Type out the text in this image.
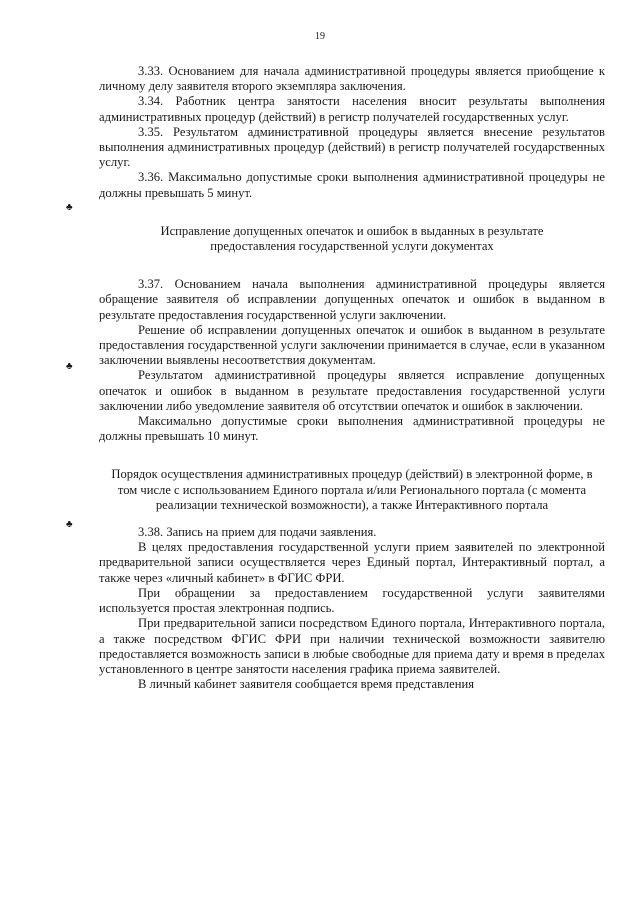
19
♣
♣
♣

3.33. Основанием для начала административной процедуры является приобщение к личному делу заявителя второго экземпляра заключения.

3.34. Работник центра занятости населения вносит результаты выполнения административных процедур (действий) в регистр получателей государственных услуг.

3.35. Результатом административной процедуры является внесение результатов выполнения административных процедур (действий) в регистр получателей государственных услуг.

3.36. Максимально допустимые сроки выполнения административной процедуры не должны превышать 5 минут.

Исправление допущенных опечаток и ошибок в выданных в результате предоставления государственной услуги документах

3.37. Основанием начала выполнения административной процедуры является обращение заявителя об исправлении допущенных опечаток и ошибок в выданном в результате предоставления государственной услуги заключении.

Решение об исправлении допущенных опечаток и ошибок в выданном в результате предоставления государственной услуги заключении принимается в случае, если в указанном заключении выявлены несоответствия документам.

Результатом административной процедуры является исправление допущенных опечаток и ошибок в выданном в результате предоставления государственной услуги заключении либо уведомление заявителя об отсутствии опечаток и ошибок в заключении.

Максимально допустимые сроки выполнения административной процедуры не должны превышать 10 минут.

Порядок осуществления административных процедур (действий) в электронной форме, в том числе с использованием Единого портала и/или Регионального портала (с момента реализации технической возможности), а также Интерактивного портала

3.38. Запись на прием для подачи заявления.

В целях предоставления государственной услуги прием заявителей по электронной предварительной записи осуществляется через Единый портал, Интерактивный портал, а также через «личный кабинет» в ФГИС ФРИ.

При обращении за предоставлением государственной услуги заявителями используется простая электронная подпись.

При предварительной записи посредством Единого портала, Интерактивного портала, а также посредством ФГИС ФРИ при наличии технической возможности заявителю предоставляется возможность записи в любые свободные для приема дату и время в пределах установленного в центре занятости населения графика приема заявителей.

В личный кабинет заявителя сообщается время представления
